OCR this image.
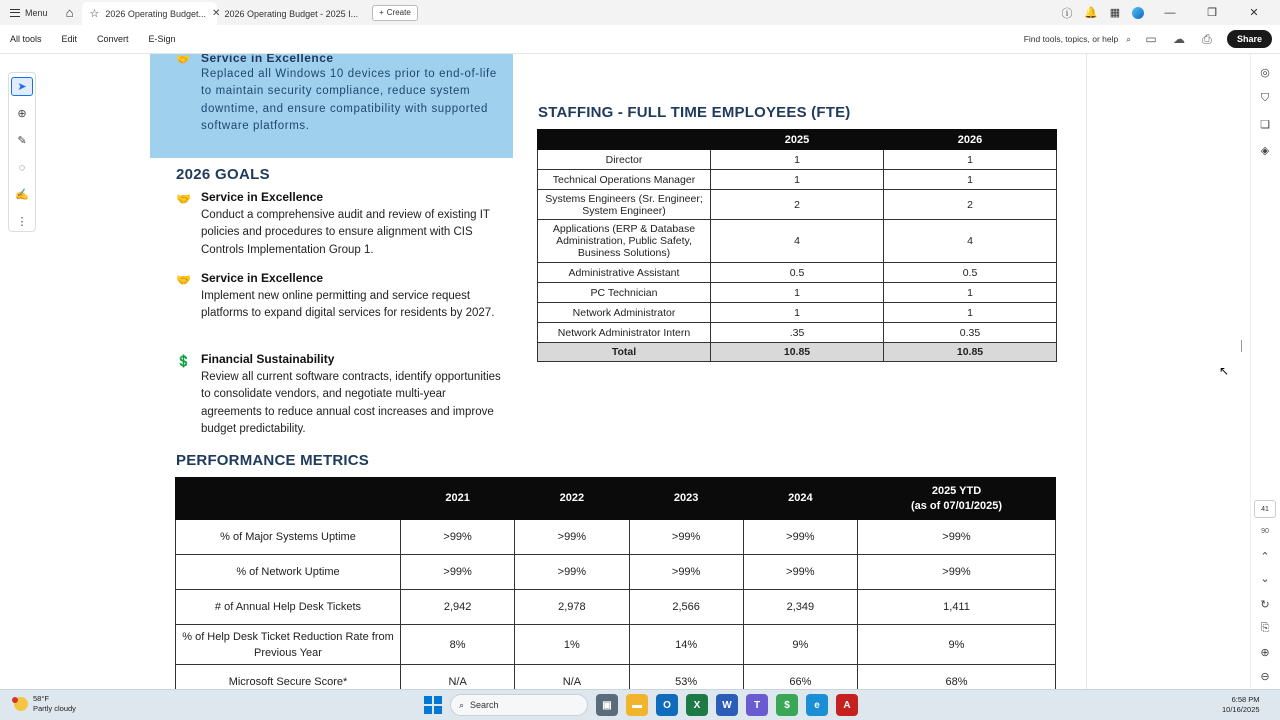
Menu	⌂	☆ 2026 Operating Budget... ✕ 2026 Operating Budget - 2025 I...	+ Create	ⓘ 🔔 ▦	—	❐	✕
All tools	Edit	Convert	E-Sign	Find tools, topics, or help ⌕ ▭ ☁ ⎙	Share
🤝 Service in Excellence
Replaced all Windows 10 devices prior to end-of-life to maintain security compliance, reduce system downtime, and ensure compatibility with supported software platforms.
2026 GOALS
🤝 Service in Excellence
Conduct a comprehensive audit and review of existing IT policies and procedures to ensure alignment with CIS Controls Implementation Group 1.
🤝 Service in Excellence
Implement new online permitting and service request platforms to expand digital services for residents by 2027.
💲 Financial Sustainability
Review all current software contracts, identify opportunities to consolidate vendors, and negotiate multi-year agreements to reduce annual cost increases and improve budget predictability.
STAFFING - FULL TIME EMPLOYEES (FTE)
	2025	2026
Director	1	1
Technical Operations Manager	1	1
Systems Engineers (Sr. Engineer; System Engineer)	2	2
Applications (ERP & Database Administration, Public Safety, Business Solutions)	4	4
Administrative Assistant	0.5	0.5
PC Technician	1	1
Network Administrator	1	1
Network Administrator Intern	.35	0.35
Total	10.85	10.85
PERFORMANCE METRICS
	2021	2022	2023	2024	2025 YTD
(as of 07/01/2025)

% of Major Systems Uptime	>99%	>99%	>99%	>99%	>99%
% of Network Uptime	>99%	>99%	>99%	>99%	>99%
# of Annual Help Desk Tickets	2,942	2,978	2,566	2,349	1,411
% of Help Desk Ticket Reduction Rate from Previous Year	8%	1%	14%	9%	9%
Microsoft Secure Score*	N/A	N/A	53%	66%	68%
➤
⊕
✎
◌
✍
⋮
◎
⛉
❏
◈
41
90
⌃
⌄
↻
⎘
⊕
⊖
↖
58°F
Partly cloudy	⌕ Search	▣	▬	O	X	W	T	$	e	A	6:58 PM
10/16/2025
